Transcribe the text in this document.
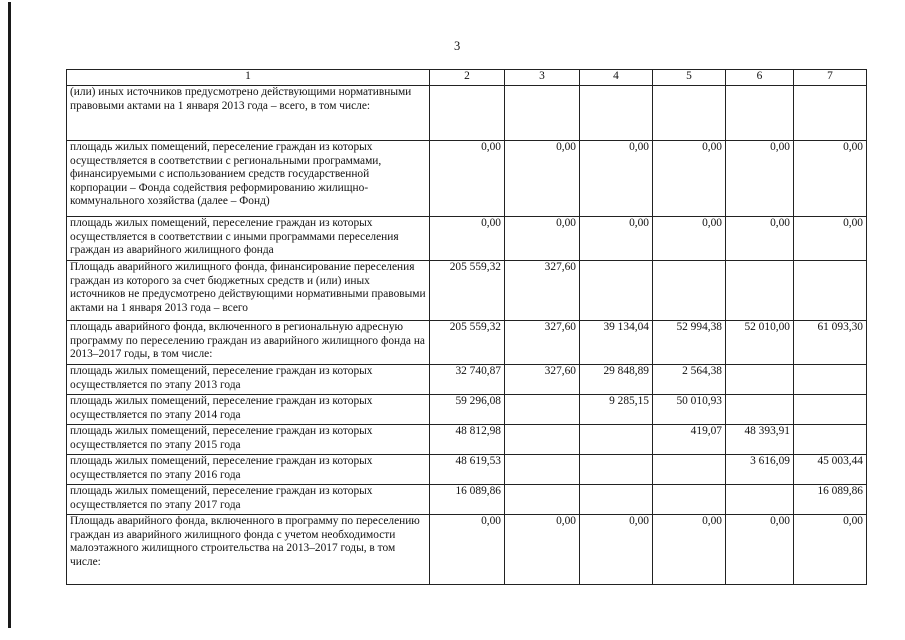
3
1	2	3	4	5	6	7
(или) иных источников предусмотрено действующими нормативными правовыми актами на 1 января 2013 года – всего, в том числе:						
площадь жилых помещений, переселение граждан из которых осуществляется в соответствии с региональными программами, финансируемыми с использованием средств государственной корпорации – Фонда содействия реформированию жилищно-коммунального хозяйства (далее – Фонд)	0,00	0,00	0,00	0,00	0,00	0,00
площадь жилых помещений, переселение граждан из которых осуществляется в соответствии с иными программами переселения граждан из аварийного жилищного фонда	0,00	0,00	0,00	0,00	0,00	0,00
Площадь аварийного жилищного фонда, финансирование переселения граждан из которого за счет бюджетных средств и (или) иных источников не предусмотрено действующими нормативными правовыми актами на 1 января 2013 года – всего	205 559,32	327,60				
площадь аварийного фонда, включенного в региональную адресную программу по переселению граждан из аварийного жилищного фонда на 2013–2017 годы, в том числе:	205 559,32	327,60	39 134,04	52 994,38	52 010,00	61 093,30
площадь жилых помещений, переселение граждан из которых осуществляется по этапу 2013 года	32 740,87	327,60	29 848,89	2 564,38		
площадь жилых помещений, переселение граждан из которых осуществляется по этапу 2014 года	59 296,08		9 285,15	50 010,93		
площадь жилых помещений, переселение граждан из которых осуществляется по этапу 2015 года	48 812,98			419,07	48 393,91	
площадь жилых помещений, переселение граждан из которых осуществляется по этапу 2016 года	48 619,53				3 616,09	45 003,44
площадь жилых помещений, переселение граждан из которых осуществляется по этапу 2017 года	16 089,86					16 089,86
Площадь аварийного фонда, включенного в программу по переселению граждан из аварийного жилищного фонда с учетом необходимости малоэтажного жилищного строительства на 2013–2017 годы, в том числе:	0,00	0,00	0,00	0,00	0,00	0,00
